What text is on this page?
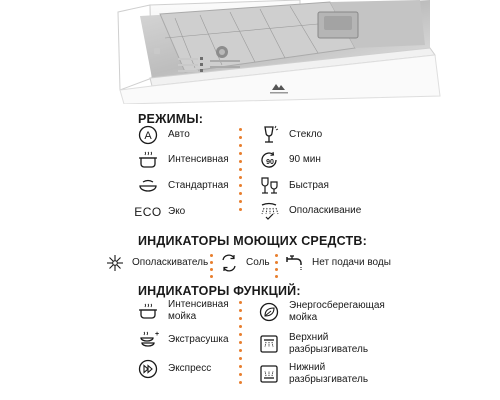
РЕЖИМЫ:
A Авто
Интенсивная
Стандартная
ECO Эко
Стекло
90 90 мин
Быстрая
Ополаскивание
ИНДИКАТОРЫ МОЮЩИХ СРЕДСТВ:
Ополаскиватель	Соль	Нет подачи воды
ИНДИКАТОРЫ ФУНКЦИЙ:
Интенсивная мойка
+ Экстрасушка
Экспресс
Энергосберегающая мойка
Верхний разбрызгиватель
Нижний разбрызгиватель
